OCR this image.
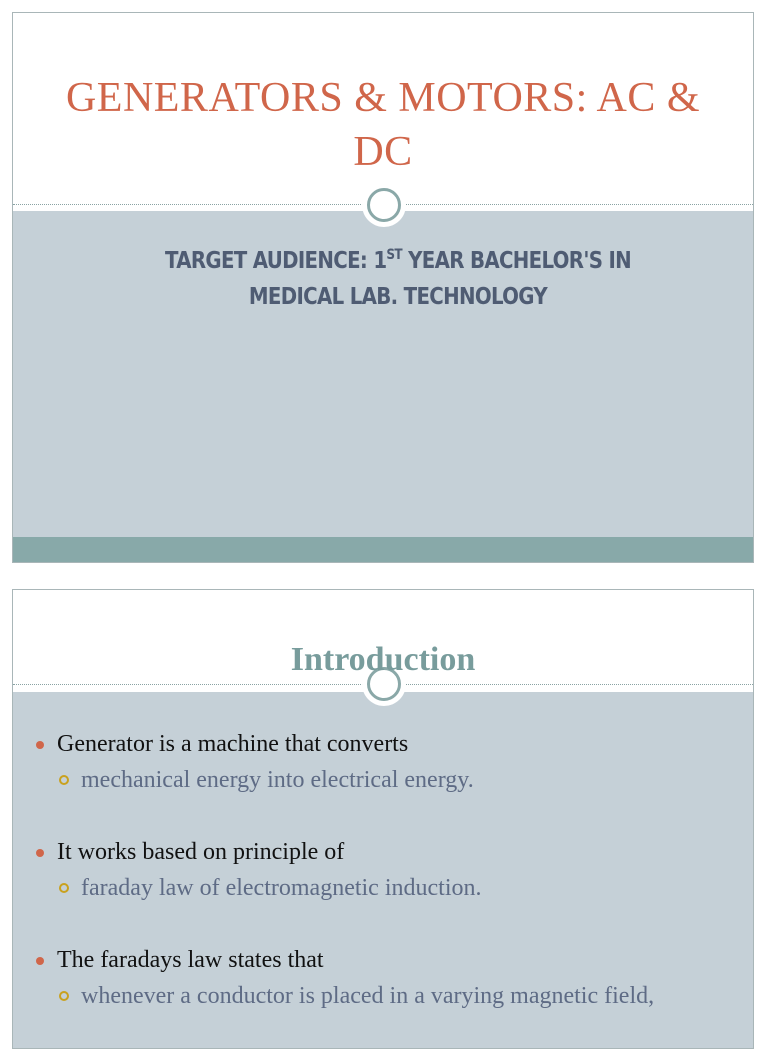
GENERATORS & MOTORS: AC & DC

TARGET AUDIENCE: 1ST YEAR BACHELOR'S IN MEDICAL LAB. TECHNOLOGY

Introduction
Generator is a machine that converts
mechanical energy into electrical energy.
It works based on principle of
faraday law of electromagnetic induction.
The faradays law states that
whenever a conductor is placed in a varying magnetic field,
